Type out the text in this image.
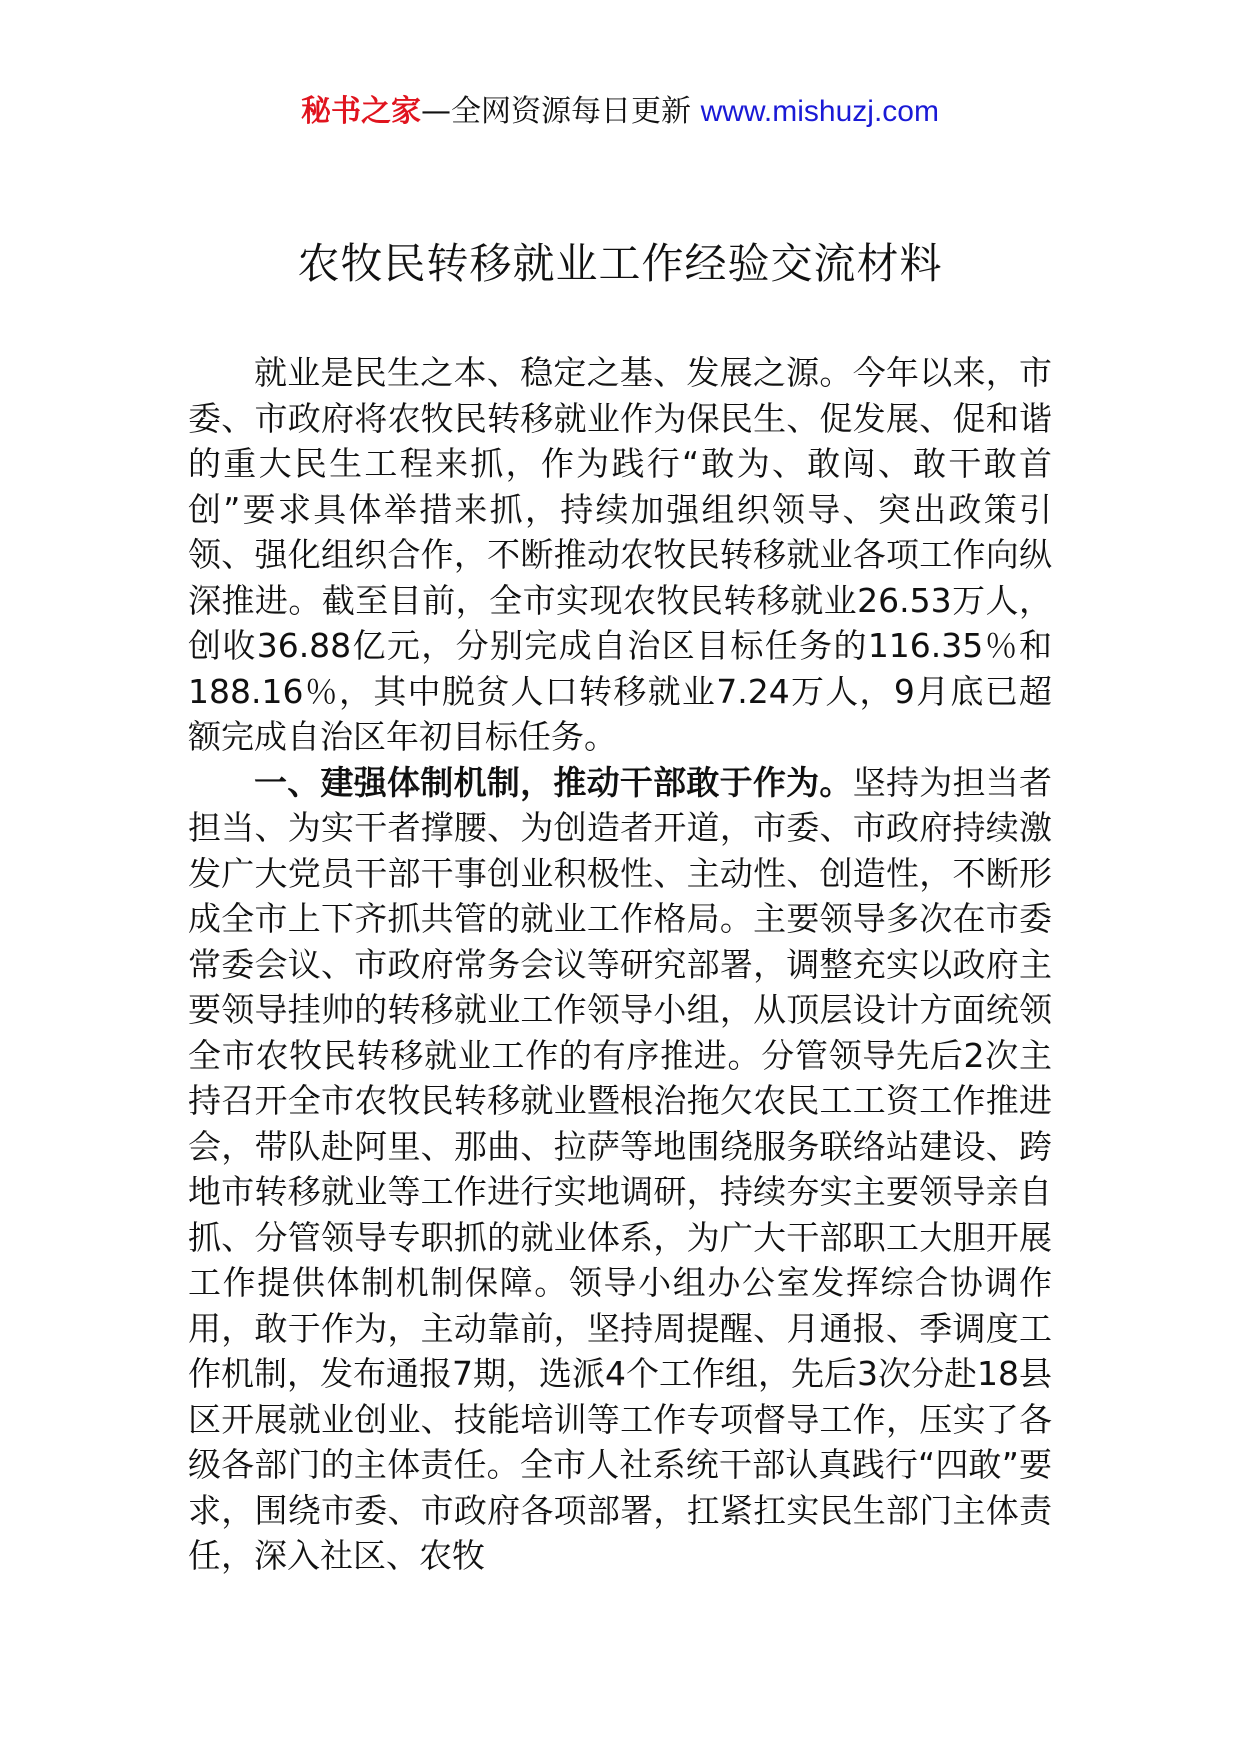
秘书之家—全网资源每日更新 www.mishuzj.com
农牧民转移就业工作经验交流材料

就业是民生之本、稳定之基、发展之源。今年以来，市委、市政府将农牧民转移就业作为保民生、促发展、促和谐的重大民生工程来抓，作为践行“敢为、敢闯、敢干敢首创”要求具体举措来抓，持续加强组织领导、突出政策引领、强化组织合作，不断推动农牧民转移就业各项工作向纵深推进。截至目前，全市实现农牧民转移就业26.53万人，创收36.88亿元，分别完成自治区目标任务的116.35％和188.16％，其中脱贫人口转移就业7.24万人，9月底已超额完成自治区年初目标任务。

一、建强体制机制，推动干部敢于作为。坚持为担当者担当、为实干者撑腰、为创造者开道，市委、市政府持续激发广大党员干部干事创业积极性、主动性、创造性，不断形成全市上下齐抓共管的就业工作格局。主要领导多次在市委常委会议、市政府常务会议等研究部署，调整充实以政府主要领导挂帅的转移就业工作领导小组，从顶层设计方面统领全市农牧民转移就业工作的有序推进。分管领导先后2次主持召开全市农牧民转移就业暨根治拖欠农民工工资工作推进会，带队赴阿里、那曲、拉萨等地围绕服务联络站建设、跨地市转移就业等工作进行实地调研，持续夯实主要领导亲自抓、分管领导专职抓的就业体系，为广大干部职工大胆开展工作提供体制机制保障。领导小组办公室发挥综合协调作用，敢于作为，主动靠前，坚持周提醒、月通报、季调度工作机制，发布通报7期，选派4个工作组，先后3次分赴18县区开展就业创业、技能培训等工作专项督导工作，压实了各级各部门的主体责任。全市人社系统干部认真践行“四敢”要求，围绕市委、市政府各项部署，扛紧扛实民生部门主体责任，深入社区、农牧
